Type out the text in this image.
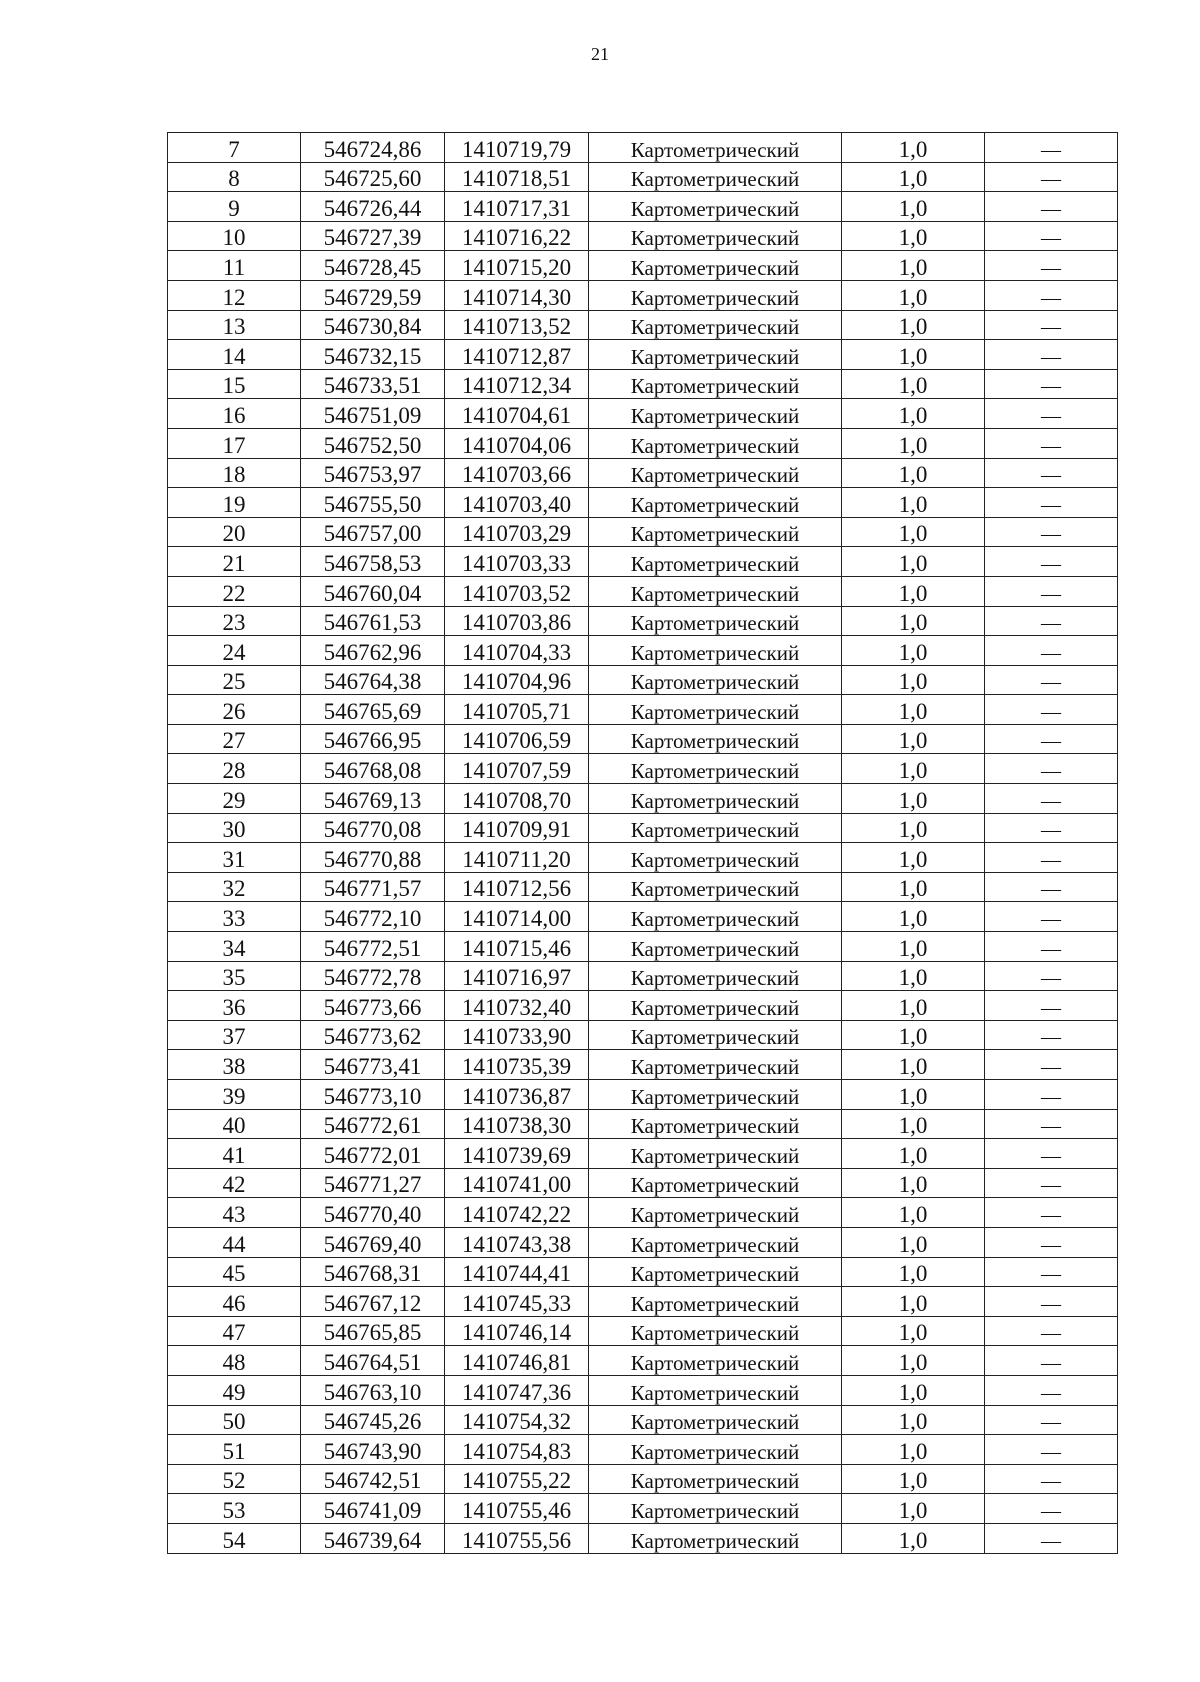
21
7	546724,86	1410719,79	Картометрический	1,0	—
8	546725,60	1410718,51	Картометрический	1,0	—
9	546726,44	1410717,31	Картометрический	1,0	—
10	546727,39	1410716,22	Картометрический	1,0	—
11	546728,45	1410715,20	Картометрический	1,0	—
12	546729,59	1410714,30	Картометрический	1,0	—
13	546730,84	1410713,52	Картометрический	1,0	—
14	546732,15	1410712,87	Картометрический	1,0	—
15	546733,51	1410712,34	Картометрический	1,0	—
16	546751,09	1410704,61	Картометрический	1,0	—
17	546752,50	1410704,06	Картометрический	1,0	—
18	546753,97	1410703,66	Картометрический	1,0	—
19	546755,50	1410703,40	Картометрический	1,0	—
20	546757,00	1410703,29	Картометрический	1,0	—
21	546758,53	1410703,33	Картометрический	1,0	—
22	546760,04	1410703,52	Картометрический	1,0	—
23	546761,53	1410703,86	Картометрический	1,0	—
24	546762,96	1410704,33	Картометрический	1,0	—
25	546764,38	1410704,96	Картометрический	1,0	—
26	546765,69	1410705,71	Картометрический	1,0	—
27	546766,95	1410706,59	Картометрический	1,0	—
28	546768,08	1410707,59	Картометрический	1,0	—
29	546769,13	1410708,70	Картометрический	1,0	—
30	546770,08	1410709,91	Картометрический	1,0	—
31	546770,88	1410711,20	Картометрический	1,0	—
32	546771,57	1410712,56	Картометрический	1,0	—
33	546772,10	1410714,00	Картометрический	1,0	—
34	546772,51	1410715,46	Картометрический	1,0	—
35	546772,78	1410716,97	Картометрический	1,0	—
36	546773,66	1410732,40	Картометрический	1,0	—
37	546773,62	1410733,90	Картометрический	1,0	—
38	546773,41	1410735,39	Картометрический	1,0	—
39	546773,10	1410736,87	Картометрический	1,0	—
40	546772,61	1410738,30	Картометрический	1,0	—
41	546772,01	1410739,69	Картометрический	1,0	—
42	546771,27	1410741,00	Картометрический	1,0	—
43	546770,40	1410742,22	Картометрический	1,0	—
44	546769,40	1410743,38	Картометрический	1,0	—
45	546768,31	1410744,41	Картометрический	1,0	—
46	546767,12	1410745,33	Картометрический	1,0	—
47	546765,85	1410746,14	Картометрический	1,0	—
48	546764,51	1410746,81	Картометрический	1,0	—
49	546763,10	1410747,36	Картометрический	1,0	—
50	546745,26	1410754,32	Картометрический	1,0	—
51	546743,90	1410754,83	Картометрический	1,0	—
52	546742,51	1410755,22	Картометрический	1,0	—
53	546741,09	1410755,46	Картометрический	1,0	—
54	546739,64	1410755,56	Картометрический	1,0	—
